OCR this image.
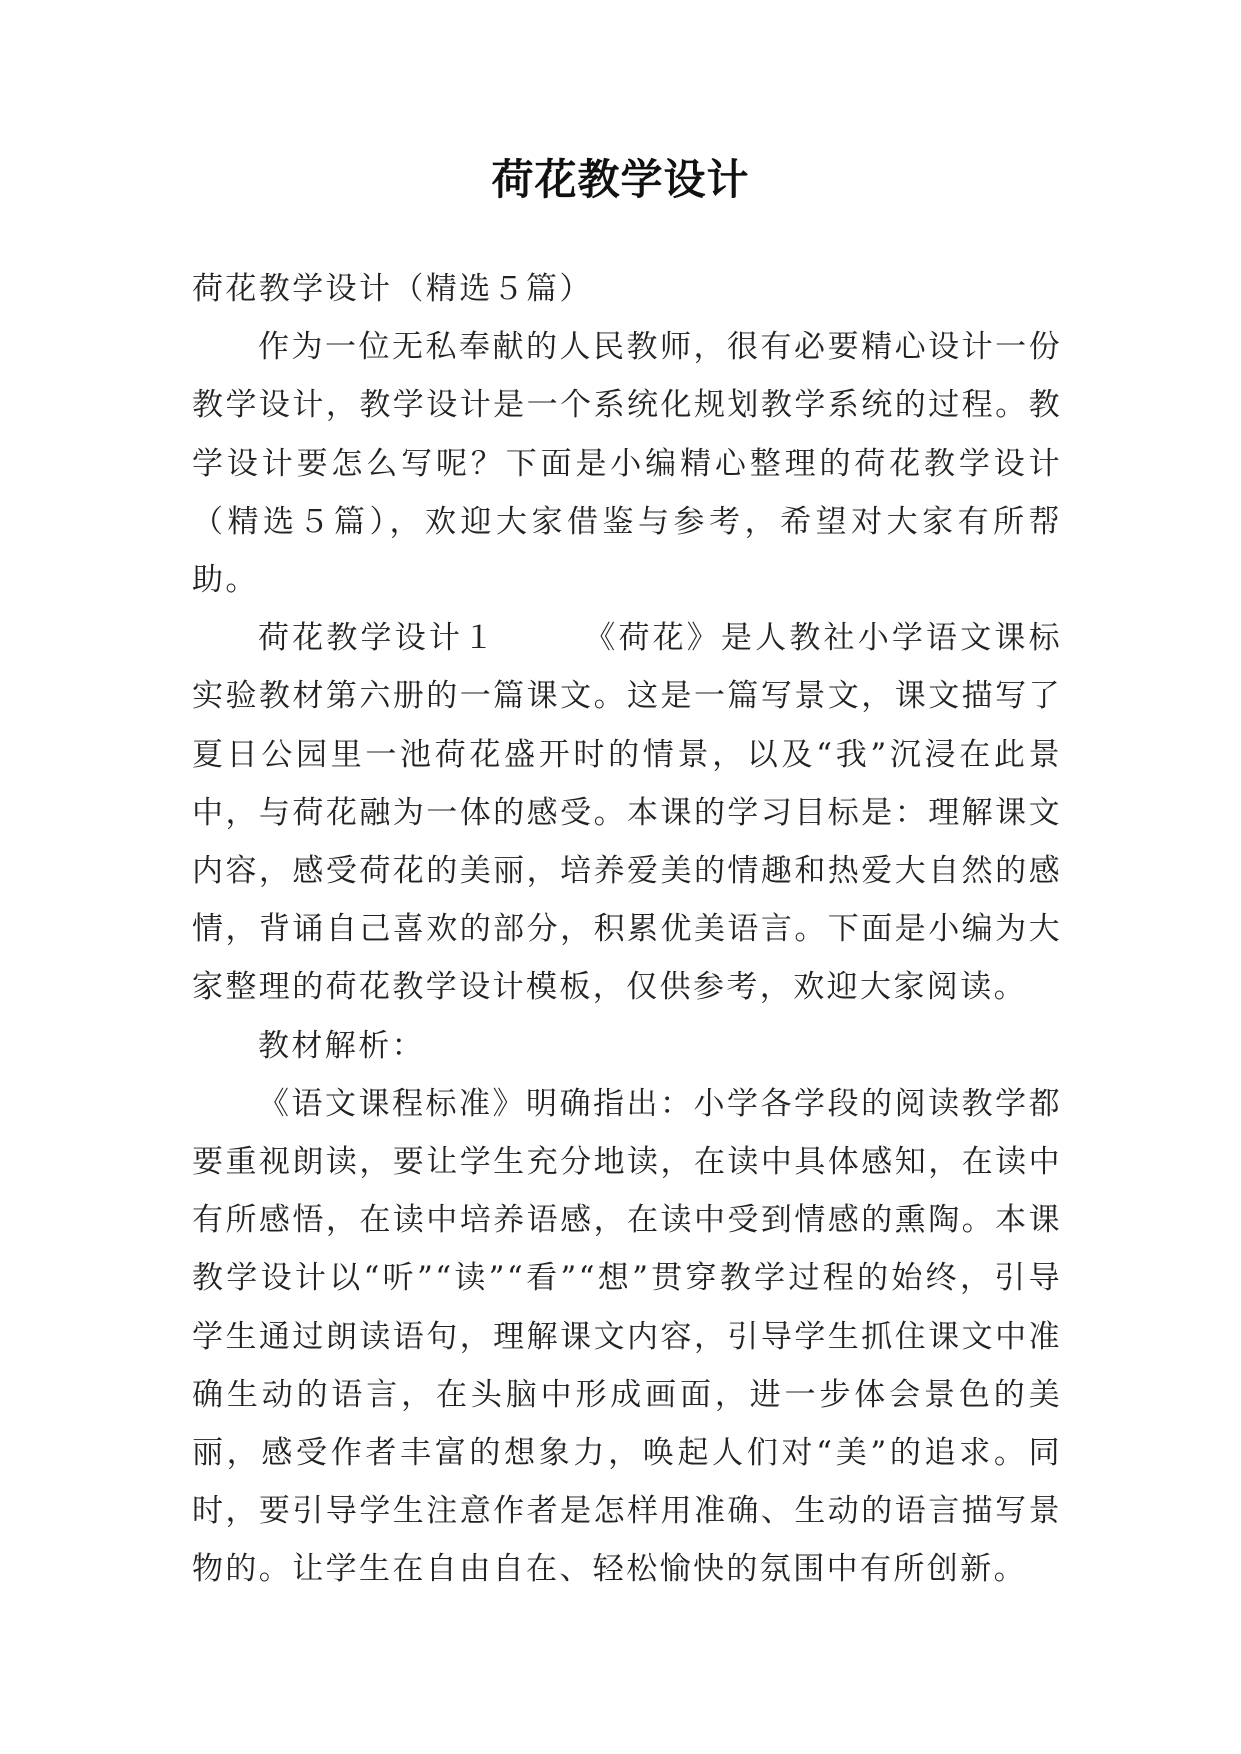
荷花教学设计

荷花教学设计（精选５篇）

作为一位无私奉献的人民教师，很有必要精心设计一份教学设计，教学设计是一个系统化规划教学系统的过程。教学设计要怎么写呢？下面是小编精心整理的荷花教学设计（精选５篇），欢迎大家借鉴与参考，希望对大家有所帮助。

荷花教学设计１　　　《荷花》是人教社小学语文课标实验教材第六册的一篇课文。这是一篇写景文，课文描写了夏日公园里一池荷花盛开时的情景，以及“我”沉浸在此景中，与荷花融为一体的感受。本课的学习目标是：理解课文内容，感受荷花的美丽，培养爱美的情趣和热爱大自然的感情，背诵自己喜欢的部分，积累优美语言。下面是小编为大家整理的荷花教学设计模板，仅供参考，欢迎大家阅读。

教材解析：

《语文课程标准》明确指出：小学各学段的阅读教学都要重视朗读，要让学生充分地读，在读中具体感知，在读中有所感悟，在读中培养语感，在读中受到情感的熏陶。本课教学设计以“听”“读”“看”“想”贯穿教学过程的始终，引导学生通过朗读语句，理解课文内容，引导学生抓住课文中准确生动的语言，在头脑中形成画面，进一步体会景色的美丽，感受作者丰富的想象力，唤起人们对“美”的追求。同时，要引导学生注意作者是怎样用准确、生动的语言描写景物的。让学生在自由自在、轻松愉快的氛围中有所创新。
